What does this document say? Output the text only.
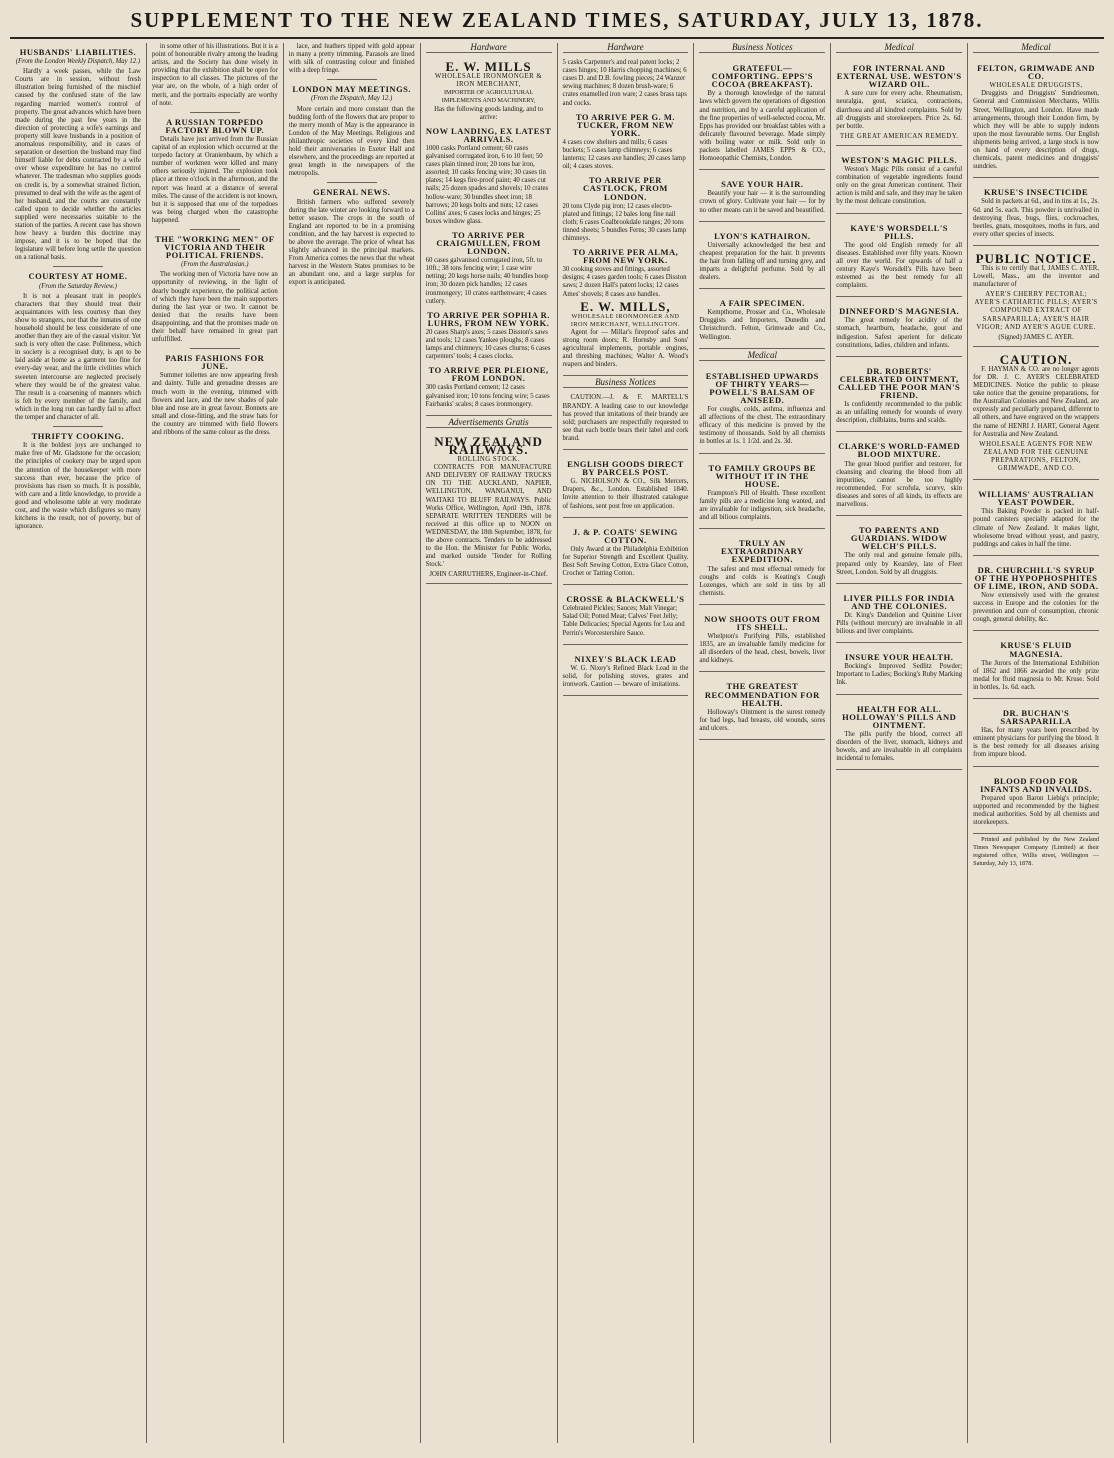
SUPPLEMENT TO THE NEW ZEALAND TIMES, SATURDAY, JULY 13, 1878.
HUSBANDS' LIABILITIES.
(From the London Weekly Dispatch, May 12.)

Hardly a week passes, while the Law Courts are in session, without fresh illustration being furnished of the mischief caused by the confused state of the law regarding married women's control of property. The great advances which have been made during the past few years in the direction of protecting a wife's earnings and property still leave husbands in a position of anomalous responsibility, and in cases of separation or desertion the husband may find himself liable for debts contracted by a wife over whose expenditure he has no control whatever. The tradesman who supplies goods on credit is, by a somewhat strained fiction, presumed to deal with the wife as the agent of her husband, and the courts are constantly called upon to decide whether the articles supplied were necessaries suitable to the station of the parties. A recent case has shown how heavy a burden this doctrine may impose, and it is to be hoped that the legislature will before long settle the question on a rational basis.

COURTESY AT HOME.
(From the Saturday Review.)

It is not a pleasant trait in people's characters that they should treat their acquaintances with less courtesy than they show to strangers, nor that the inmates of one household should be less considerate of one another than they are of the casual visitor. Yet such is very often the case. Politeness, which in society is a recognised duty, is apt to be laid aside at home as a garment too fine for every-day wear, and the little civilities which sweeten intercourse are neglected precisely where they would be of the greatest value. The result is a coarsening of manners which is felt by every member of the family, and which in the long run can hardly fail to affect the temper and character of all.

THRIFTY COOKING.

It is the boldest joys are unchanged to make free of Mr. Gladstone for the occasion; the principles of cookery may be urged upon the attention of the housekeeper with more success than ever, because the price of provisions has risen so much. It is possible, with care and a little knowledge, to provide a good and wholesome table at very moderate cost, and the waste which disfigures so many kitchens is the result, not of poverty, but of ignorance.

in some other of his illustrations. But it is a point of honourable rivalry among the leading artists, and the Society has done wisely in providing that the exhibition shall be open for inspection to all classes. The pictures of the year are, on the whole, of a high order of merit, and the portraits especially are worthy of note.

A RUSSIAN TORPEDO FACTORY BLOWN UP.

Details have just arrived from the Russian capital of an explosion which occurred at the torpedo factory at Oranienbaum, by which a number of workmen were killed and many others seriously injured. The explosion took place at three o'clock in the afternoon, and the report was heard at a distance of several miles. The cause of the accident is not known, but it is supposed that one of the torpedoes was being charged when the catastrophe happened.

THE "WORKING MEN" OF VICTORIA AND THEIR POLITICAL FRIENDS.
(From the Australasian.)

The working men of Victoria have now an opportunity of reviewing, in the light of dearly bought experience, the political action of which they have been the main supporters during the last year or two. It cannot be denied that the results have been disappointing, and that the promises made on their behalf have remained in great part unfulfilled.

PARIS FASHIONS FOR JUNE.

Summer toilettes are now appearing fresh and dainty. Tulle and grenadine dresses are much worn in the evening, trimmed with flowers and lace, and the new shades of pale blue and rose are in great favour. Bonnets are small and close-fitting, and the straw hats for the country are trimmed with field flowers and ribbons of the same colour as the dress.

lace, and feathers tipped with gold appear in many a pretty trimming. Parasols are lined with silk of contrasting colour and finished with a deep fringe.

LONDON MAY MEETINGS.
(From the Dispatch, May 12.)

More certain and more constant than the budding forth of the flowers that are proper to the merry month of May is the appearance in London of the May Meetings. Religious and philanthropic societies of every kind then hold their anniversaries in Exeter Hall and elsewhere, and the proceedings are reported at great length in the newspapers of the metropolis.

GENERAL NEWS.

British farmers who suffered severely during the late winter are looking forward to a better season. The crops in the south of England are reported to be in a promising condition, and the hay harvest is expected to be above the average. The price of wheat has slightly advanced in the principal markets. From America comes the news that the wheat harvest in the Western States promises to be an abundant one, and a large surplus for export is anticipated.

Hardware
E. W. MILLS
WHOLESALE IRONMONGER & IRON MERCHANT,
IMPORTER OF AGRICULTURAL IMPLEMENTS AND MACHINERY,
Has the following goods landing, and to arrive:
NOW LANDING, EX LATEST ARRIVALS.

1000 casks Portland cement; 60 cases galvanised corrugated iron, 6 to 10 feet; 50 cases plain tinned iron; 20 tons bar iron, assorted; 10 casks fencing wire; 30 cases tin plates; 14 kegs fire-proof paint; 40 cases cut nails; 25 dozen spades and shovels; 10 crates hollow-ware; 30 bundles sheet iron; 18 barrows; 20 kegs bolts and nuts; 12 cases Collins' axes; 6 cases locks and hinges; 25 boxes window glass.

TO ARRIVE PER CRAIGMULLEN, FROM LONDON.

60 cases galvanised corrugated iron, 5ft. to 10ft.; 38 tons fencing wire; 1 case wire netting; 20 kegs horse nails; 40 bundles hoop iron; 30 dozen pick handles; 12 cases ironmongery; 10 crates earthenware; 4 cases cutlery.

TO ARRIVE PER SOPHIA R. LUHRS, FROM NEW YORK.

20 cases Sharp's axes; 5 cases Disston's saws and tools; 12 cases Yankee ploughs; 8 cases lamps and chimneys; 10 cases churns; 6 cases carpenters' tools; 4 cases clocks.

TO ARRIVE PER PLEIONE, FROM LONDON.

300 casks Portland cement; 12 cases galvanised iron; 10 tons fencing wire; 5 cases Fairbanks' scales; 8 cases ironmongery.

Advertisements Gratis
NEW ZEALAND RAILWAYS.
ROLLING STOCK.

CONTRACTS FOR MANUFACTURE AND DELIVERY OF RAILWAY TRUCKS ON TO THE AUCKLAND, NAPIER, WELLINGTON, WANGANUI, AND WAITAKI TO BLUFF RAILWAYS. Public Works Office, Wellington, April 19th, 1878. SEPARATE WRITTEN TENDERS will be received at this office up to NOON on WEDNESDAY, the 18th September, 1878, for the above contracts. Tenders to be addressed to the Hon. the Minister for Public Works, and marked outside 'Tender for Rolling Stock.'

JOHN CARRUTHERS, Engineer-in-Chief.
Hardware

5 casks Carpenter's and real patent locks; 2 cases hinges; 10 Harris chopping machines; 6 cases D. and D.B. fowling pieces; 24 Wanzer sewing machines; 8 dozen brush-ware; 6 crates enamelled iron ware; 2 cases brass taps and cocks.

TO ARRIVE PER G. M. TUCKER, FROM NEW YORK.

4 cases cow shelters and mills; 6 cases buckets; 5 cases lamp chimneys; 6 cases lanterns; 12 cases axe handles; 20 cases lamp oil; 4 cases stoves.

TO ARRIVE PER CASTLOCK, FROM LONDON.

20 tons Clyde pig iron; 12 cases electro-plated and fittings; 12 bales long fine nail cloth; 6 cases Coalbrookdale ranges; 20 tons tinned sheets; 5 bundles Ferns; 30 cases lamp chimneys.

TO ARRIVE PER ALMA, FROM NEW YORK.

30 cooking stoves and fittings, assorted designs; 4 cases garden tools; 6 cases Disston saws; 2 dozen Hall's patent locks; 12 cases Ames' shovels; 8 cases axe handles.

E. W. MILLS,
WHOLESALE IRONMONGER AND IRON MERCHANT, WELLINGTON.

Agent for — Millar's fireproof safes and strong room doors; R. Hornsby and Sons' agricultural implements, portable engines, and threshing machines; Walter A. Wood's reapers and binders.

Business Notices

CAUTION.—J. & F. MARTELL'S BRANDY. A leading case to our knowledge has proved that imitations of their brandy are sold; purchasers are respectfully requested to see that each bottle bears their label and cork brand.

ENGLISH GOODS DIRECT BY PARCELS POST.

G. NICHOLSON & CO., Silk Mercers, Drapers, &c., London. Established 1840. Invite attention to their illustrated catalogue of fashions, sent post free on application.

J. & P. COATS' SEWING COTTON.

Only Award at the Philadelphia Exhibition for Superior Strength and Excellent Quality. Best Soft Sewing Cotton, Extra Glace Cotton, Crochet or Tatting Cotton.

CROSSE & BLACKWELL'S

Celebrated Pickles; Sauces; Malt Vinegar; Salad Oil; Potted Meat; Calves' Feet Jelly; Table Delicacies; Special Agents for Lea and Perrin's Worcestershire Sauce.

NIXEY'S BLACK LEAD

W. G. Nixey's Refined Black Lead in the solid, for polishing stoves, grates and ironwork. Caution — beware of imitations.

Business Notices
GRATEFUL—COMFORTING. EPPS'S COCOA (BREAKFAST).

By a thorough knowledge of the natural laws which govern the operations of digestion and nutrition, and by a careful application of the fine properties of well-selected cocoa, Mr. Epps has provided our breakfast tables with a delicately flavoured beverage. Made simply with boiling water or milk. Sold only in packets labelled JAMES EPPS & CO., Homoeopathic Chemists, London.

SAVE YOUR HAIR.

Beautify your hair — it is the surrounding crown of glory. Cultivate your hair — for by no other means can it be saved and beautified.

LYON'S KATHAIRON.

Universally acknowledged the best and cheapest preparation for the hair. It prevents the hair from falling off and turning grey, and imparts a delightful perfume. Sold by all dealers.

A FAIR SPECIMEN.

Kempthorne, Prosser and Co., Wholesale Druggists and Importers, Dunedin and Christchurch. Felton, Grimwade and Co., Wellington.

Medical
ESTABLISHED UPWARDS OF THIRTY YEARS—POWELL'S BALSAM OF ANISEED.

For coughs, colds, asthma, influenza and all affections of the chest. The extraordinary efficacy of this medicine is proved by the testimony of thousands. Sold by all chemists in bottles at 1s. 1 1/2d. and 2s. 3d.

TO FAMILY GROUPS BE WITHOUT IT IN THE HOUSE.

Frampton's Pill of Health. These excellent family pills are a medicine long wanted, and are invaluable for indigestion, sick headache, and all bilious complaints.

TRULY AN EXTRAORDINARY EXPEDITION.

The safest and most effectual remedy for coughs and colds is Keating's Cough Lozenges, which are sold in tins by all chemists.

NOW SHOOTS OUT FROM ITS SHELL.

Whelpton's Purifying Pills, established 1835, are an invaluable family medicine for all disorders of the head, chest, bowels, liver and kidneys.

THE GREATEST RECOMMENDATION FOR HEALTH.

Holloway's Ointment is the surest remedy for bad legs, bad breasts, old wounds, sores and ulcers.

Medical
FOR INTERNAL AND EXTERNAL USE. WESTON'S WIZARD OIL.

A sure cure for every ache. Rheumatism, neuralgia, gout, sciatica, contractions, diarrhoea and all kindred complaints. Sold by all druggists and storekeepers. Price 2s. 6d. per bottle.

THE GREAT AMERICAN REMEDY.
WESTON'S MAGIC PILLS.

Weston's Magic Pills consist of a careful combination of vegetable ingredients found only on the great American continent. Their action is mild and safe, and they may be taken by the most delicate constitution.

KAYE'S WORSDELL'S PILLS.

The good old English remedy for all diseases. Established over fifty years. Known all over the world. For upwards of half a century Kaye's Worsdell's Pills have been esteemed as the best remedy for all complaints.

DINNEFORD'S MAGNESIA.

The great remedy for acidity of the stomach, heartburn, headache, gout and indigestion. Safest aperient for delicate constitutions, ladies, children and infants.

DR. ROBERTS' CELEBRATED OINTMENT, CALLED THE POOR MAN'S FRIEND.

Is confidently recommended to the public as an unfailing remedy for wounds of every description, chilblains, burns and scalds.

CLARKE'S WORLD-FAMED BLOOD MIXTURE.

The great blood purifier and restorer, for cleansing and clearing the blood from all impurities, cannot be too highly recommended. For scrofula, scurvy, skin diseases and sores of all kinds, its effects are marvellous.

TO PARENTS AND GUARDIANS. WIDOW WELCH'S PILLS.

The only real and genuine female pills, prepared only by Kearsley, late of Fleet Street, London. Sold by all druggists.

LIVER PILLS FOR INDIA AND THE COLONIES.

Dr. King's Dandelion and Quinine Liver Pills (without mercury) are invaluable in all bilious and liver complaints.

INSURE YOUR HEALTH.

Bocking's Improved Sedlitz Powder; Important to Ladies; Bocking's Ruby Marking Ink.

HEALTH FOR ALL. HOLLOWAY'S PILLS AND OINTMENT.

The pills purify the blood, correct all disorders of the liver, stomach, kidneys and bowels, and are invaluable in all complaints incidental to females.

Medical
FELTON, GRIMWADE AND CO.
WHOLESALE DRUGGISTS,

Druggists and Druggists' Sundriesmen, General and Commission Merchants, Willis Street, Wellington, and London. Have made arrangements, through their London firm, by which they will be able to supply indents upon the most favourable terms. Our English shipments being arrived, a large stock is now on hand of every description of drugs, chemicals, patent medicines and druggists' sundries.

KRUSE'S INSECTICIDE

Sold in packets at 6d., and in tins at 1s., 2s. 6d. and 5s. each. This powder is unrivalled in destroying fleas, bugs, flies, cockroaches, beetles, gnats, mosquitoes, moths in furs, and every other species of insects.

PUBLIC NOTICE.

This is to certify that I, JAMES C. AYER, Lowell, Mass., am the inventor and manufacturer of

AYER'S CHERRY PECTORAL; AYER'S CATHARTIC PILLS; AYER'S COMPOUND EXTRACT OF SARSAPARILLA; AYER'S HAIR VIGOR; AND AYER'S AGUE CURE.

(Signed) JAMES C. AYER.
CAUTION.

F. HAYMAN & CO. are no longer agents for DR. J. C. AYER'S CELEBRATED MEDICINES. Notice the public to please take notice that the genuine preparations, for the Australian Colonies and New Zealand, are expressly and peculiarly prepared, different to all others, and have engraved on the wrappers the name of HENRI J. HART, General Agent for Australia and New Zealand.

WHOLESALE AGENTS FOR NEW ZEALAND FOR THE GENUINE PREPARATIONS, FELTON, GRIMWADE, AND CO.

WILLIAMS' AUSTRALIAN YEAST POWDER.

This Baking Powder is packed in half-pound canisters specially adapted for the climate of New Zealand. It makes light, wholesome bread without yeast, and pastry, puddings and cakes in half the time.

DR. CHURCHILL'S SYRUP OF THE HYPOPHOSPHITES OF LIME, IRON, AND SODA.

Now extensively used with the greatest success in Europe and the colonies for the prevention and cure of consumption, chronic cough, general debility, &c.

KRUSE'S FLUID MAGNESIA.

The Jurors of the International Exhibition of 1862 and 1866 awarded the only prize medal for fluid magnesia to Mr. Kruse. Sold in bottles, 1s. 6d. each.

DR. BUCHAN'S SARSAPARILLA

Has, for many years been prescribed by eminent physicians for purifying the blood. It is the best remedy for all diseases arising from impure blood.

BLOOD FOOD FOR INFANTS AND INVALIDS.

Prepared upon Baron Liebig's principle; supported and recommended by the highest medical authorities. Sold by all chemists and storekeepers.

Printed and published by the New Zealand Times Newspaper Company (Limited) at their registered office, Willis street, Wellington — Saturday, July 13, 1878.
